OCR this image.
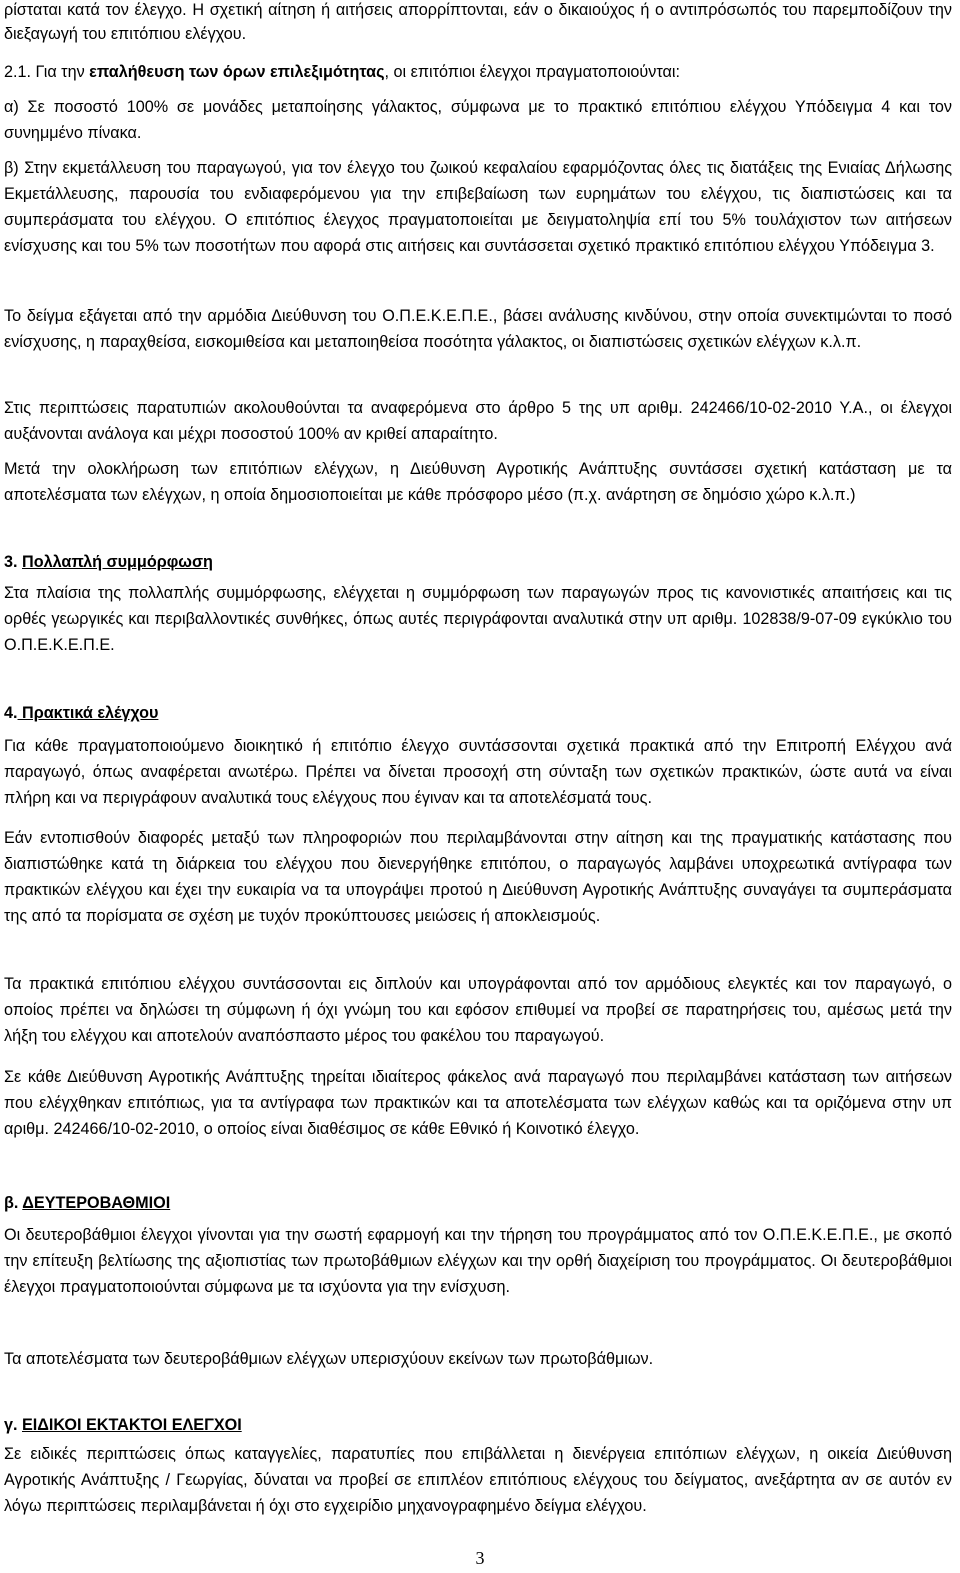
ρίσταται κατά τον έλεγχο. Η σχετική αίτηση ή αιτήσεις απορρίπτονται, εάν ο δικαιούχος ή ο αντιπρόσωπός του παρεμποδίζουν την διεξαγωγή του επιτόπιου ελέγχου.

2.1. Για την επαλήθευση των όρων επιλεξιμότητας, οι επιτόπιοι έλεγχοι πραγματοποιούνται:

α) Σε ποσοστό 100% σε μονάδες μεταποίησης γάλακτος, σύμφωνα με το πρακτικό επιτόπιου ελέγχου Υπόδειγμα 4 και τον συνημμένο πίνακα.

β) Στην εκμετάλλευση του παραγωγού, για τον έλεγχο του ζωικού κεφαλαίου εφαρμόζοντας όλες τις διατάξεις της Ενιαίας Δήλωσης Εκμετάλλευσης, παρουσία του ενδιαφερόμενου για την επιβεβαίωση των ευρημάτων του ελέγχου, τις διαπιστώσεις και τα συμπεράσματα του ελέγχου. Ο επιτόπιος έλεγχος πραγματοποιείται με δειγματοληψία επί του 5% τουλάχιστον των αιτήσεων ενίσχυσης και του 5% των ποσοτήτων που αφορά στις αιτήσεις και συντάσσεται σχετικό πρακτικό επιτόπιου ελέγχου Υπόδειγμα 3.

Το δείγμα εξάγεται από την αρμόδια Διεύθυνση του Ο.Π.Ε.Κ.Ε.Π.Ε., βάσει ανάλυσης κινδύνου, στην οποία συνεκτιμώνται το ποσό ενίσχυσης, η παραχθείσα, εισκομιθείσα και μεταποιηθείσα ποσότητα γάλακτος, οι διαπιστώσεις σχετικών ελέγχων κ.λ.π.

Στις περιπτώσεις παρατυπιών ακολουθούνται τα αναφερόμενα στο άρθρο 5 της υπ αριθμ. 242466/10-02-2010 Υ.Α., οι έλεγχοι αυξάνονται ανάλογα και μέχρι ποσοστού 100% αν κριθεί απαραίτητο.

Μετά την ολοκλήρωση των επιτόπιων ελέγχων, η Διεύθυνση Αγροτικής Ανάπτυξης συντάσσει σχετική κατάσταση με τα αποτελέσματα των ελέγχων, η οποία δημοσιοποιείται με κάθε πρόσφορο μέσο (π.χ. ανάρτηση σε δημόσιο χώρο κ.λ.π.)

3. Πολλαπλή συμμόρφωση

Στα πλαίσια της πολλαπλής συμμόρφωσης, ελέγχεται η συμμόρφωση των παραγωγών προς τις κανονιστικές απαιτήσεις και τις ορθές γεωργικές και περιβαλλοντικές συνθήκες, όπως αυτές περιγράφονται αναλυτικά στην υπ αριθμ. 102838/9-07-09 εγκύκλιο του Ο.Π.Ε.Κ.Ε.Π.Ε.

4. Πρακτικά ελέγχου

Για κάθε πραγματοποιούμενο διοικητικό ή επιτόπιο έλεγχο συντάσσονται σχετικά πρακτικά από την Επιτροπή Ελέγχου ανά παραγωγό, όπως αναφέρεται ανωτέρω. Πρέπει να δίνεται προσοχή στη σύνταξη των σχετικών πρακτικών, ώστε αυτά να είναι πλήρη και να περιγράφουν αναλυτικά τους ελέγχους που έγιναν και τα αποτελέσματά τους.

Εάν εντοπισθούν διαφορές μεταξύ των πληροφοριών που περιλαμβάνονται στην αίτηση και της πραγματικής κατάστασης που διαπιστώθηκε κατά τη διάρκεια του ελέγχου που διενεργήθηκε επιτόπου, ο παραγωγός λαμβάνει υποχρεωτικά αντίγραφα των πρακτικών ελέγχου και έχει την ευκαιρία να τα υπογράψει προτού η Διεύθυνση Αγροτικής Ανάπτυξης συναγάγει τα συμπεράσματα της από τα πορίσματα σε σχέση με τυχόν προκύπτουσες μειώσεις ή αποκλεισμούς.

Τα πρακτικά επιτόπιου ελέγχου συντάσσονται εις διπλούν και υπογράφονται από τον αρμόδιους ελεγκτές και τον παραγωγό, ο οποίος πρέπει να δηλώσει τη σύμφωνη ή όχι γνώμη του και εφόσον επιθυμεί να προβεί σε παρατηρήσεις του, αμέσως μετά την λήξη του ελέγχου και αποτελούν αναπόσπαστο μέρος του φακέλου του παραγωγού.

Σε κάθε Διεύθυνση Αγροτικής Ανάπτυξης τηρείται ιδιαίτερος φάκελος ανά παραγωγό που περιλαμβάνει κατάσταση των αιτήσεων που ελέγχθηκαν επιτόπιως, για τα αντίγραφα των πρακτικών και τα αποτελέσματα των ελέγχων καθώς και τα οριζόμενα στην υπ αριθμ. 242466/10-02-2010, ο οποίος είναι διαθέσιμος σε κάθε Εθνικό ή Κοινοτικό έλεγχο.

β. ΔΕΥΤΕΡΟΒΑΘΜΙΟΙ

Οι δευτεροβάθμιοι έλεγχοι γίνονται για την σωστή εφαρμογή και την τήρηση του προγράμματος από τον Ο.Π.Ε.Κ.Ε.Π.Ε., με σκοπό την επίτευξη βελτίωσης της αξιοπιστίας των πρωτοβάθμιων ελέγχων και την ορθή διαχείριση του προγράμματος. Οι δευτεροβάθμιοι έλεγχοι πραγματοποιούνται σύμφωνα με τα ισχύοντα για την ενίσχυση.

Τα αποτελέσματα των δευτεροβάθμιων ελέγχων υπερισχύουν εκείνων των πρωτοβάθμιων.

γ. ΕΙΔΙΚΟΙ ΕΚΤΑΚΤΟΙ ΕΛΕΓΧΟΙ

Σε ειδικές περιπτώσεις όπως καταγγελίες, παρατυπίες που επιβάλλεται η διενέργεια επιτόπιων ελέγχων, η οικεία Διεύθυνση Αγροτικής Ανάπτυξης / Γεωργίας, δύναται να προβεί σε επιπλέον επιτόπιους ελέγχους του δείγματος, ανεξάρτητα αν σε αυτόν εν λόγω περιπτώσεις περιλαμβάνεται ή όχι στο εγχειρίδιο μηχανογραφημένο δείγμα ελέγχου.

3
